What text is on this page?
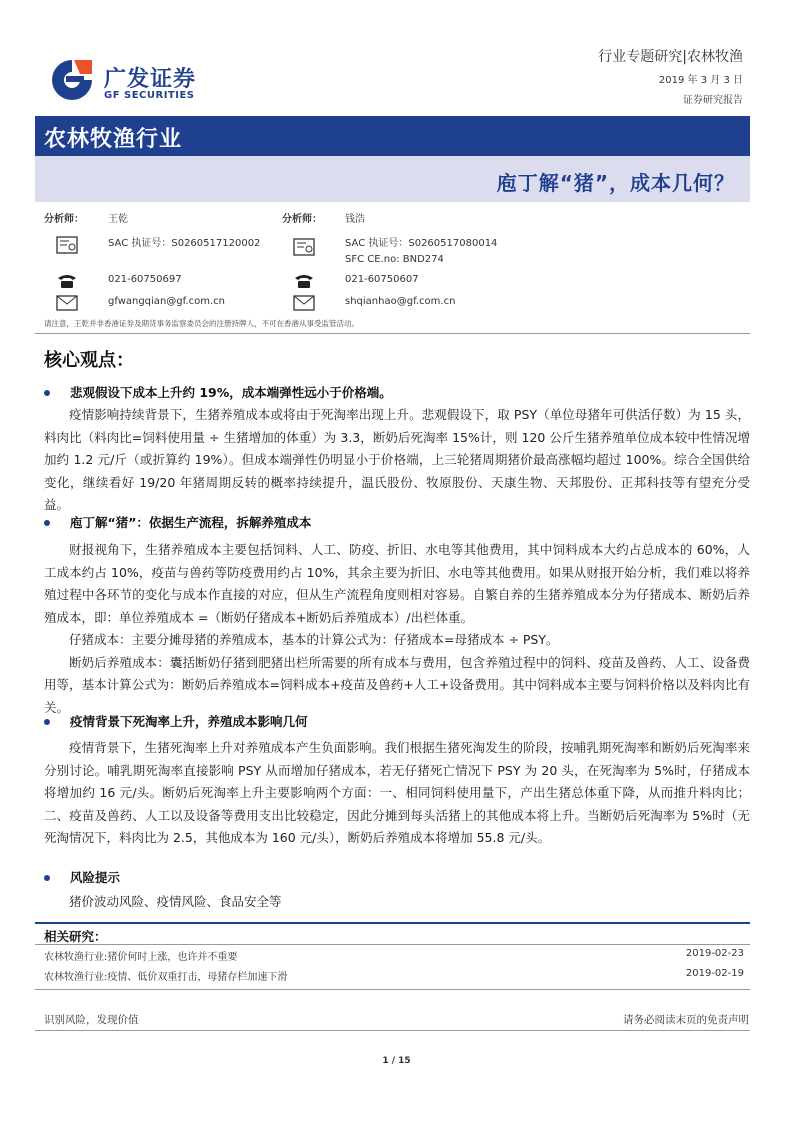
广发证券
GF SECURITIES
行业专题研究|农林牧渔
2019 年 3 月 3 日
证券研究报告
农林牧渔行业
庖丁解“猪”，成本几何？
分析师： 王乾
SAC 执证号：S0260517120002
021-60750697
gfwangqian@gf.com.cn
分析师： 钱浩
SAC 执证号：S0260517080014
SFC CE.no: BND274
021-60750607
shqianhao@gf.com.cn
请注意，王乾并非香港证券及期货事务监察委员会的注册持牌人，不可在香港从事受监管活动。
核心观点：
悲观假设下成本上升约 19%，成本端弹性远小于价格端。

疫情影响持续背景下，生猪养殖成本或将由于死淘率出现上升。悲观假设下，取 PSY（单位母猪年可供活仔数）为 15 头，料肉比（料肉比=饲料使用量 ÷ 生猪增加的体重）为 3.3，断奶后死淘率 15%计，则 120 公斤生猪养殖单位成本较中性情况增加约 1.2 元/斤（或折算约 19%）。但成本端弹性仍明显小于价格端，上三轮猪周期猪价最高涨幅均超过 100%。综合全国供给变化，继续看好 19/20 年猪周期反转的概率持续提升，温氏股份、牧原股份、天康生物、天邦股份、正邦科技等有望充分受益。

庖丁解“猪”：依据生产流程，拆解养殖成本

财报视角下，生猪养殖成本主要包括饲料、人工、防疫、折旧、水电等其他费用，其中饲料成本大约占总成本的 60%，人工成本约占 10%，疫苗与兽药等防疫费用约占 10%，其余主要为折旧、水电等其他费用。如果从财报开始分析，我们难以将养殖过程中各环节的变化与成本作直接的对应，但从生产流程角度则相对容易。自繁自养的生猪养殖成本分为仔猪成本、断奶后养殖成本，即：单位养殖成本 =（断奶仔猪成本+断奶后养殖成本）/出栏体重。

仔猪成本：主要分摊母猪的养殖成本，基本的计算公式为：仔猪成本=母猪成本 ÷ PSY。

断奶后养殖成本：囊括断奶仔猪到肥猪出栏所需要的所有成本与费用，包含养殖过程中的饲料、疫苗及兽药、人工、设备费用等，基本计算公式为：断奶后养殖成本=饲料成本+疫苗及兽药+人工+设备费用。其中饲料成本主要与饲料价格以及料肉比有关。

疫情背景下死淘率上升，养殖成本影响几何

疫情背景下，生猪死淘率上升对养殖成本产生负面影响。我们根据生猪死淘发生的阶段，按哺乳期死淘率和断奶后死淘率来分别讨论。哺乳期死淘率直接影响 PSY 从而增加仔猪成本，若无仔猪死亡情况下 PSY 为 20 头，在死淘率为 5%时，仔猪成本将增加约 16 元/头。断奶后死淘率上升主要影响两个方面：一、相同饲料使用量下，产出生猪总体重下降，从而推升料肉比；二、疫苗及兽药、人工以及设备等费用支出比较稳定，因此分摊到每头活猪上的其他成本将上升。当断奶后死淘率为 5%时（无死淘情况下，料肉比为 2.5，其他成本为 160 元/头），断奶后养殖成本将增加 55.8 元/头。

风险提示

猪价波动风险、疫情风险、食品安全等

相关研究：
农林牧渔行业:猪价何时上涨，也许并不重要	2019-02-23
农林牧渔行业:疫情、低价双重打击，母猪存栏加速下滑	2019-02-19
识别风险，发现价值	请务必阅读末页的免责声明
1 / 15
